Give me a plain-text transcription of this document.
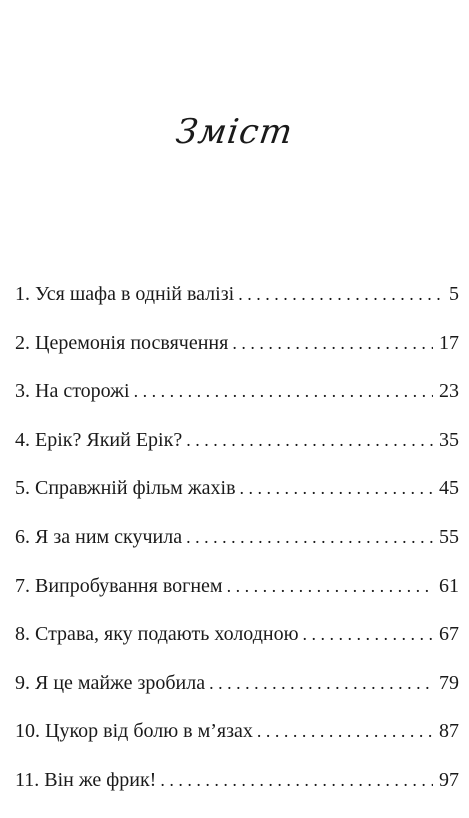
Зміст
1. Уся шафа в одній валізі . . .	5
2. Церемонія посвячення . . .	17
3. На сторожі . . .	23
4. Ерік? Який Ерік? . . .	35
5. Справжній фільм жахів . . .	45
6. Я за ним скучила . . .	55
7. Випробування вогнем . . .	61
8. Страва, яку подають холодною . . .	67
9. Я це майже зробила . . .	79
10. Цукор від болю в м’язах . . .	87
11. Він же фрик! . . .	97
